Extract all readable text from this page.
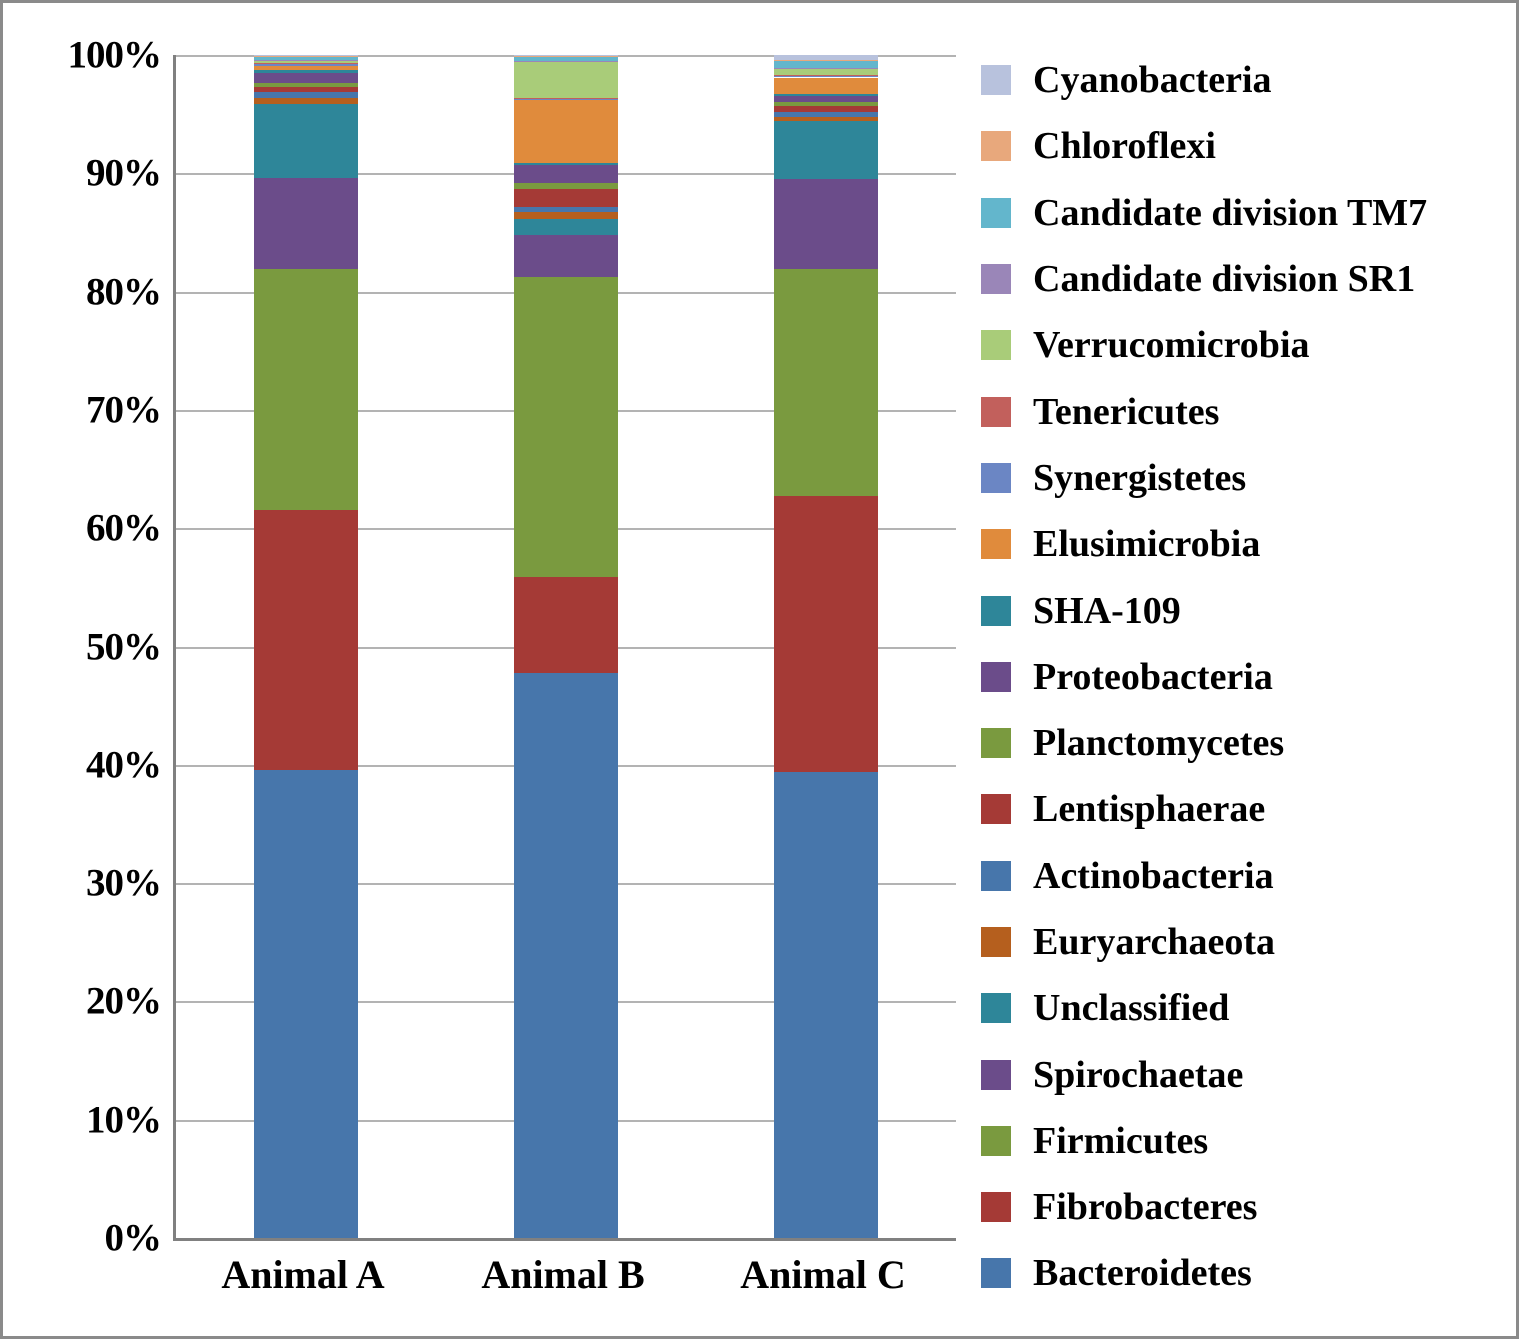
0%
10%
20%
30%
40%
50%
60%
70%
80%
90%
100%
Animal A	Animal B	Animal C
Cyanobacteria
Chloroflexi
Candidate division TM7
Candidate division SR1
Verrucomicrobia
Tenericutes
Synergistetes
Elusimicrobia
SHA-109
Proteobacteria
Planctomycetes
Lentisphaerae
Actinobacteria
Euryarchaeota
Unclassified
Spirochaetae
Firmicutes
Fibrobacteres
Bacteroidetes
